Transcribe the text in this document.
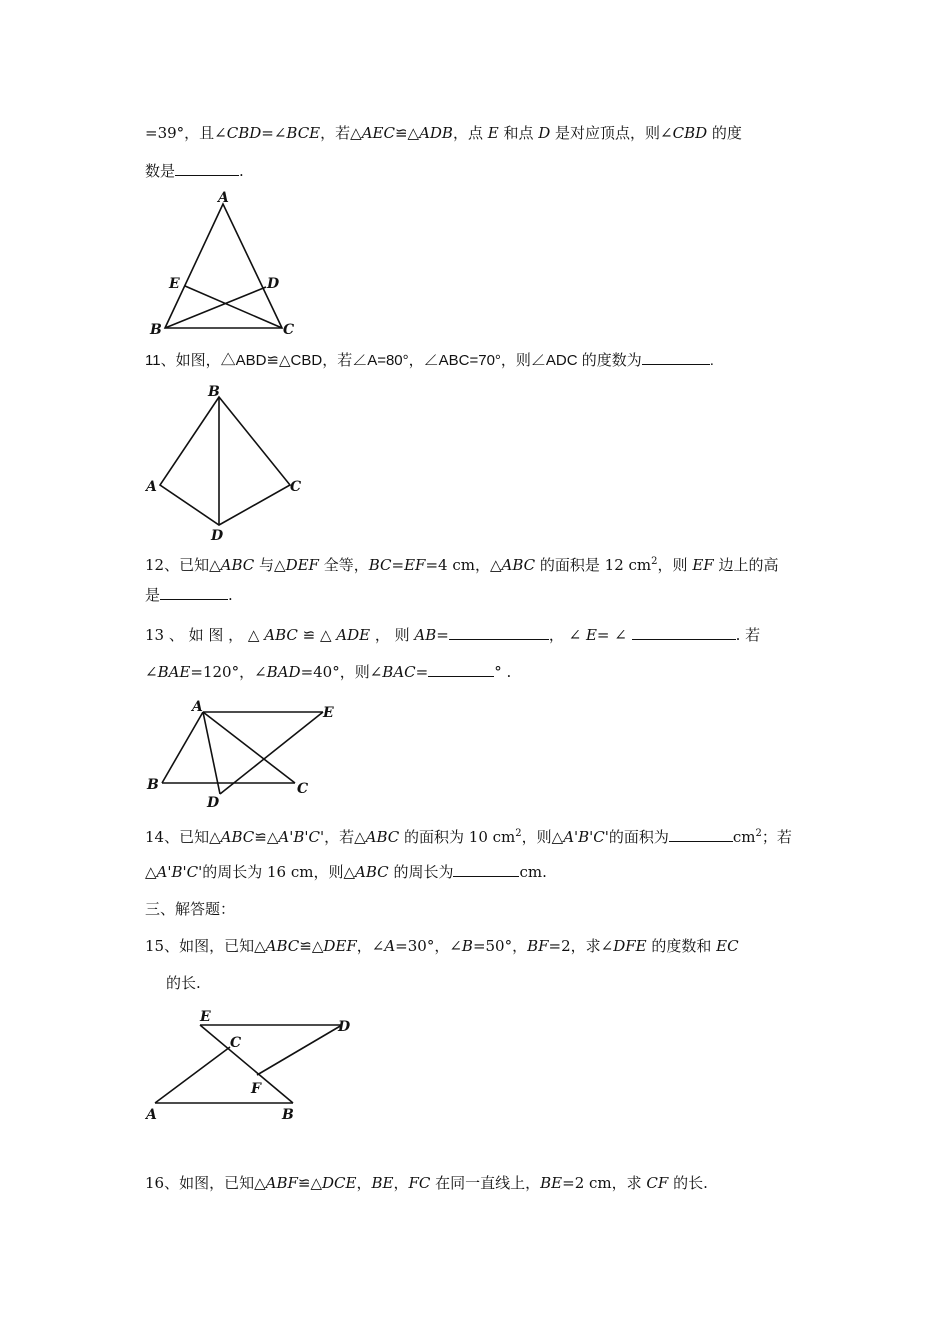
=39°，且∠CBD=∠BCE，若△AEC≌△ADB，点 E 和点 D 是对应顶点，则∠CBD 的度
数是	.
A
B	C
D
E
11、如图，△ABD≌△CBD，若∠A=80°，∠ABC=70°，则∠ADC 的度数为	.
B
A	C
D
12、已知△ABC 与△DEF 全等，BC=EF=4 cm，△ABC 的面积是 12 $cm^2$，则 EF 边上的高
是	.
13 、 如 图 ， △ ABC ≌ △ ADE ， 则 AB=	， ∠ E= ∠	. 若
∠BAE=120°，∠BAD=40°，则∠BAC=	° .
A	E
B	C
D
14、已知△ABC≌△A'B'C'，若△ABC 的面积为 10 $cm^2$，则△A'B'C'的面积为	$cm^2$；若
△A'B'C'的周长为 16 cm，则△ABC 的周长为	cm.
三、解答题：
15、如图，已知△ABC≌△DEF，∠A=30°，∠B=50°，BF=2，求∠DFE 的度数和 EC
的长.
E
D
C
F
A	B
16、如图，已知△ABF≌△DCE，BE，FC 在同一直线上，BE=2 cm，求 CF 的长.
